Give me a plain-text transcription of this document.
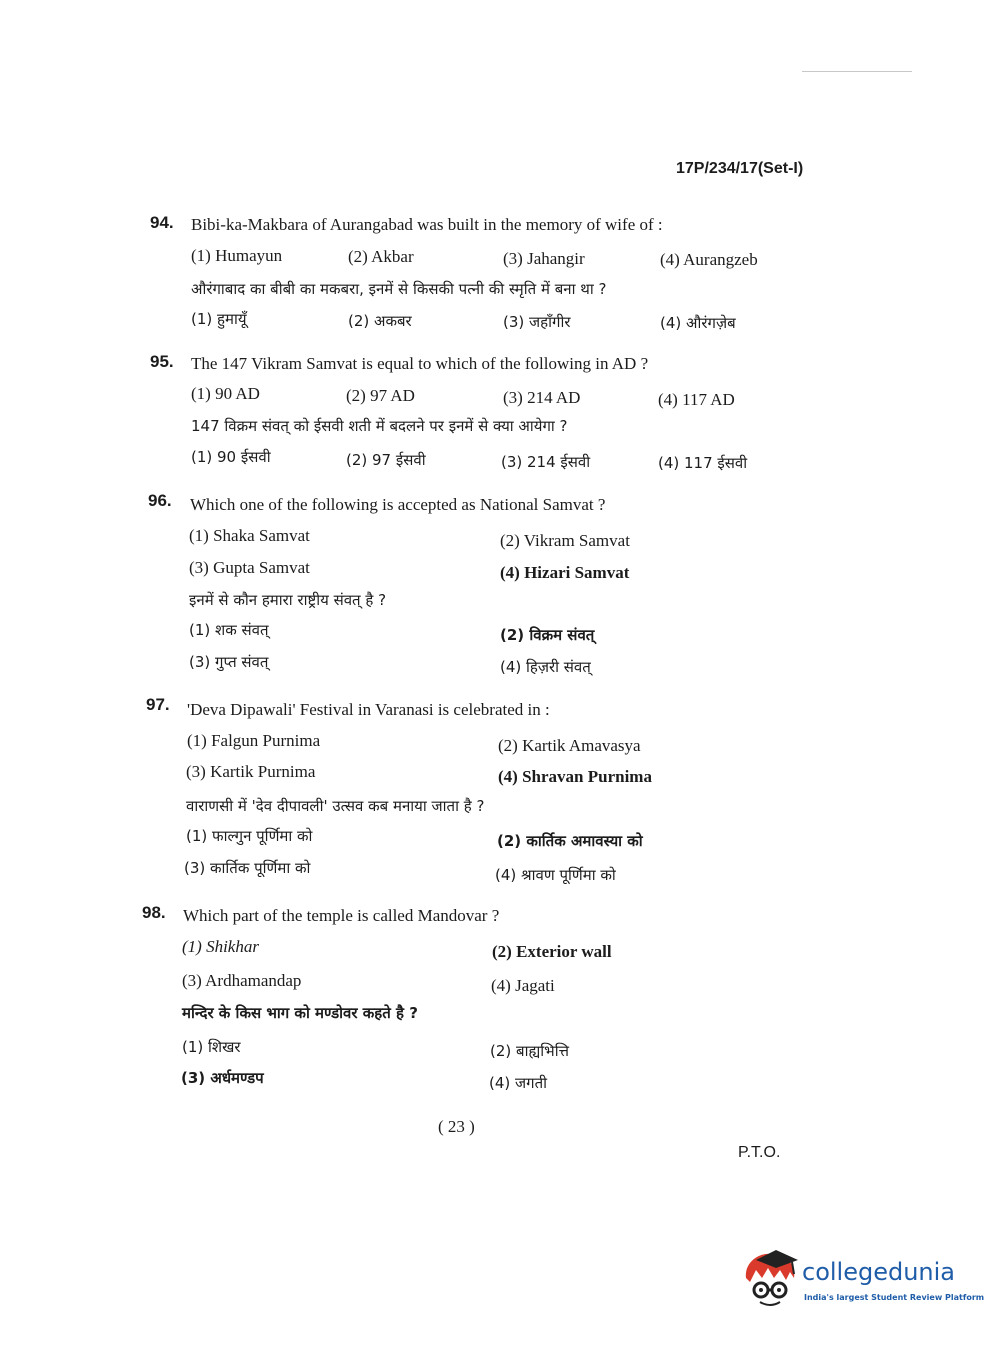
17P/234/17(Set-I)
94. Bibi-ka-Makbara of Aurangabad was built in the memory of wife of :
(1) Humayun	(2) Akbar	(3) Jahangir	(4) Aurangzeb
औरंगाबाद का बीबी का मकबरा, इनमें से किसकी पत्नी की स्मृति में बना था ?
(1) हुमायूँ	(2) अकबर	(3) जहाँगीर	(4) औरंगज़ेब
95. The 147 Vikram Samvat is equal to which of the following in AD ?
(1) 90 AD	(2) 97 AD	(3) 214 AD	(4) 117 AD
147 विक्रम संवत् को ईसवी शती में बदलने पर इनमें से क्या आयेगा ?
(1) 90 ईसवी	(2) 97 ईसवी	(3) 214 ईसवी	(4) 117 ईसवी
96. Which one of the following is accepted as National Samvat ?
(1) Shaka Samvat	(2) Vikram Samvat
(3) Gupta Samvat	(4) Hizari Samvat
इनमें से कौन हमारा राष्ट्रीय संवत् है ?
(1) शक संवत्	(2) विक्रम संवत्
(3) गुप्त संवत्	(4) हिज़री संवत्
97. 'Deva Dipawali' Festival in Varanasi is celebrated in :
(1) Falgun Purnima	(2) Kartik Amavasya
(3) Kartik Purnima	(4) Shravan Purnima
वाराणसी में 'देव दीपावली' उत्सव कब मनाया जाता है ?
(1) फाल्गुन पूर्णिमा को	(2) कार्तिक अमावस्या को
(3) कार्तिक पूर्णिमा को	(4) श्रावण पूर्णिमा को
98. Which part of the temple is called Mandovar ?
(1) Shikhar	(2) Exterior wall
(3) Ardhamandap	(4) Jagati
मन्दिर के किस भाग को मण्डोवर कहते है ?
(1) शिखर	(2) बाह्यभित्ति
(3) अर्धमण्डप	(4) जगती
( 23 )
P.T.O.
collegedunia
India's largest Student Review Platform
